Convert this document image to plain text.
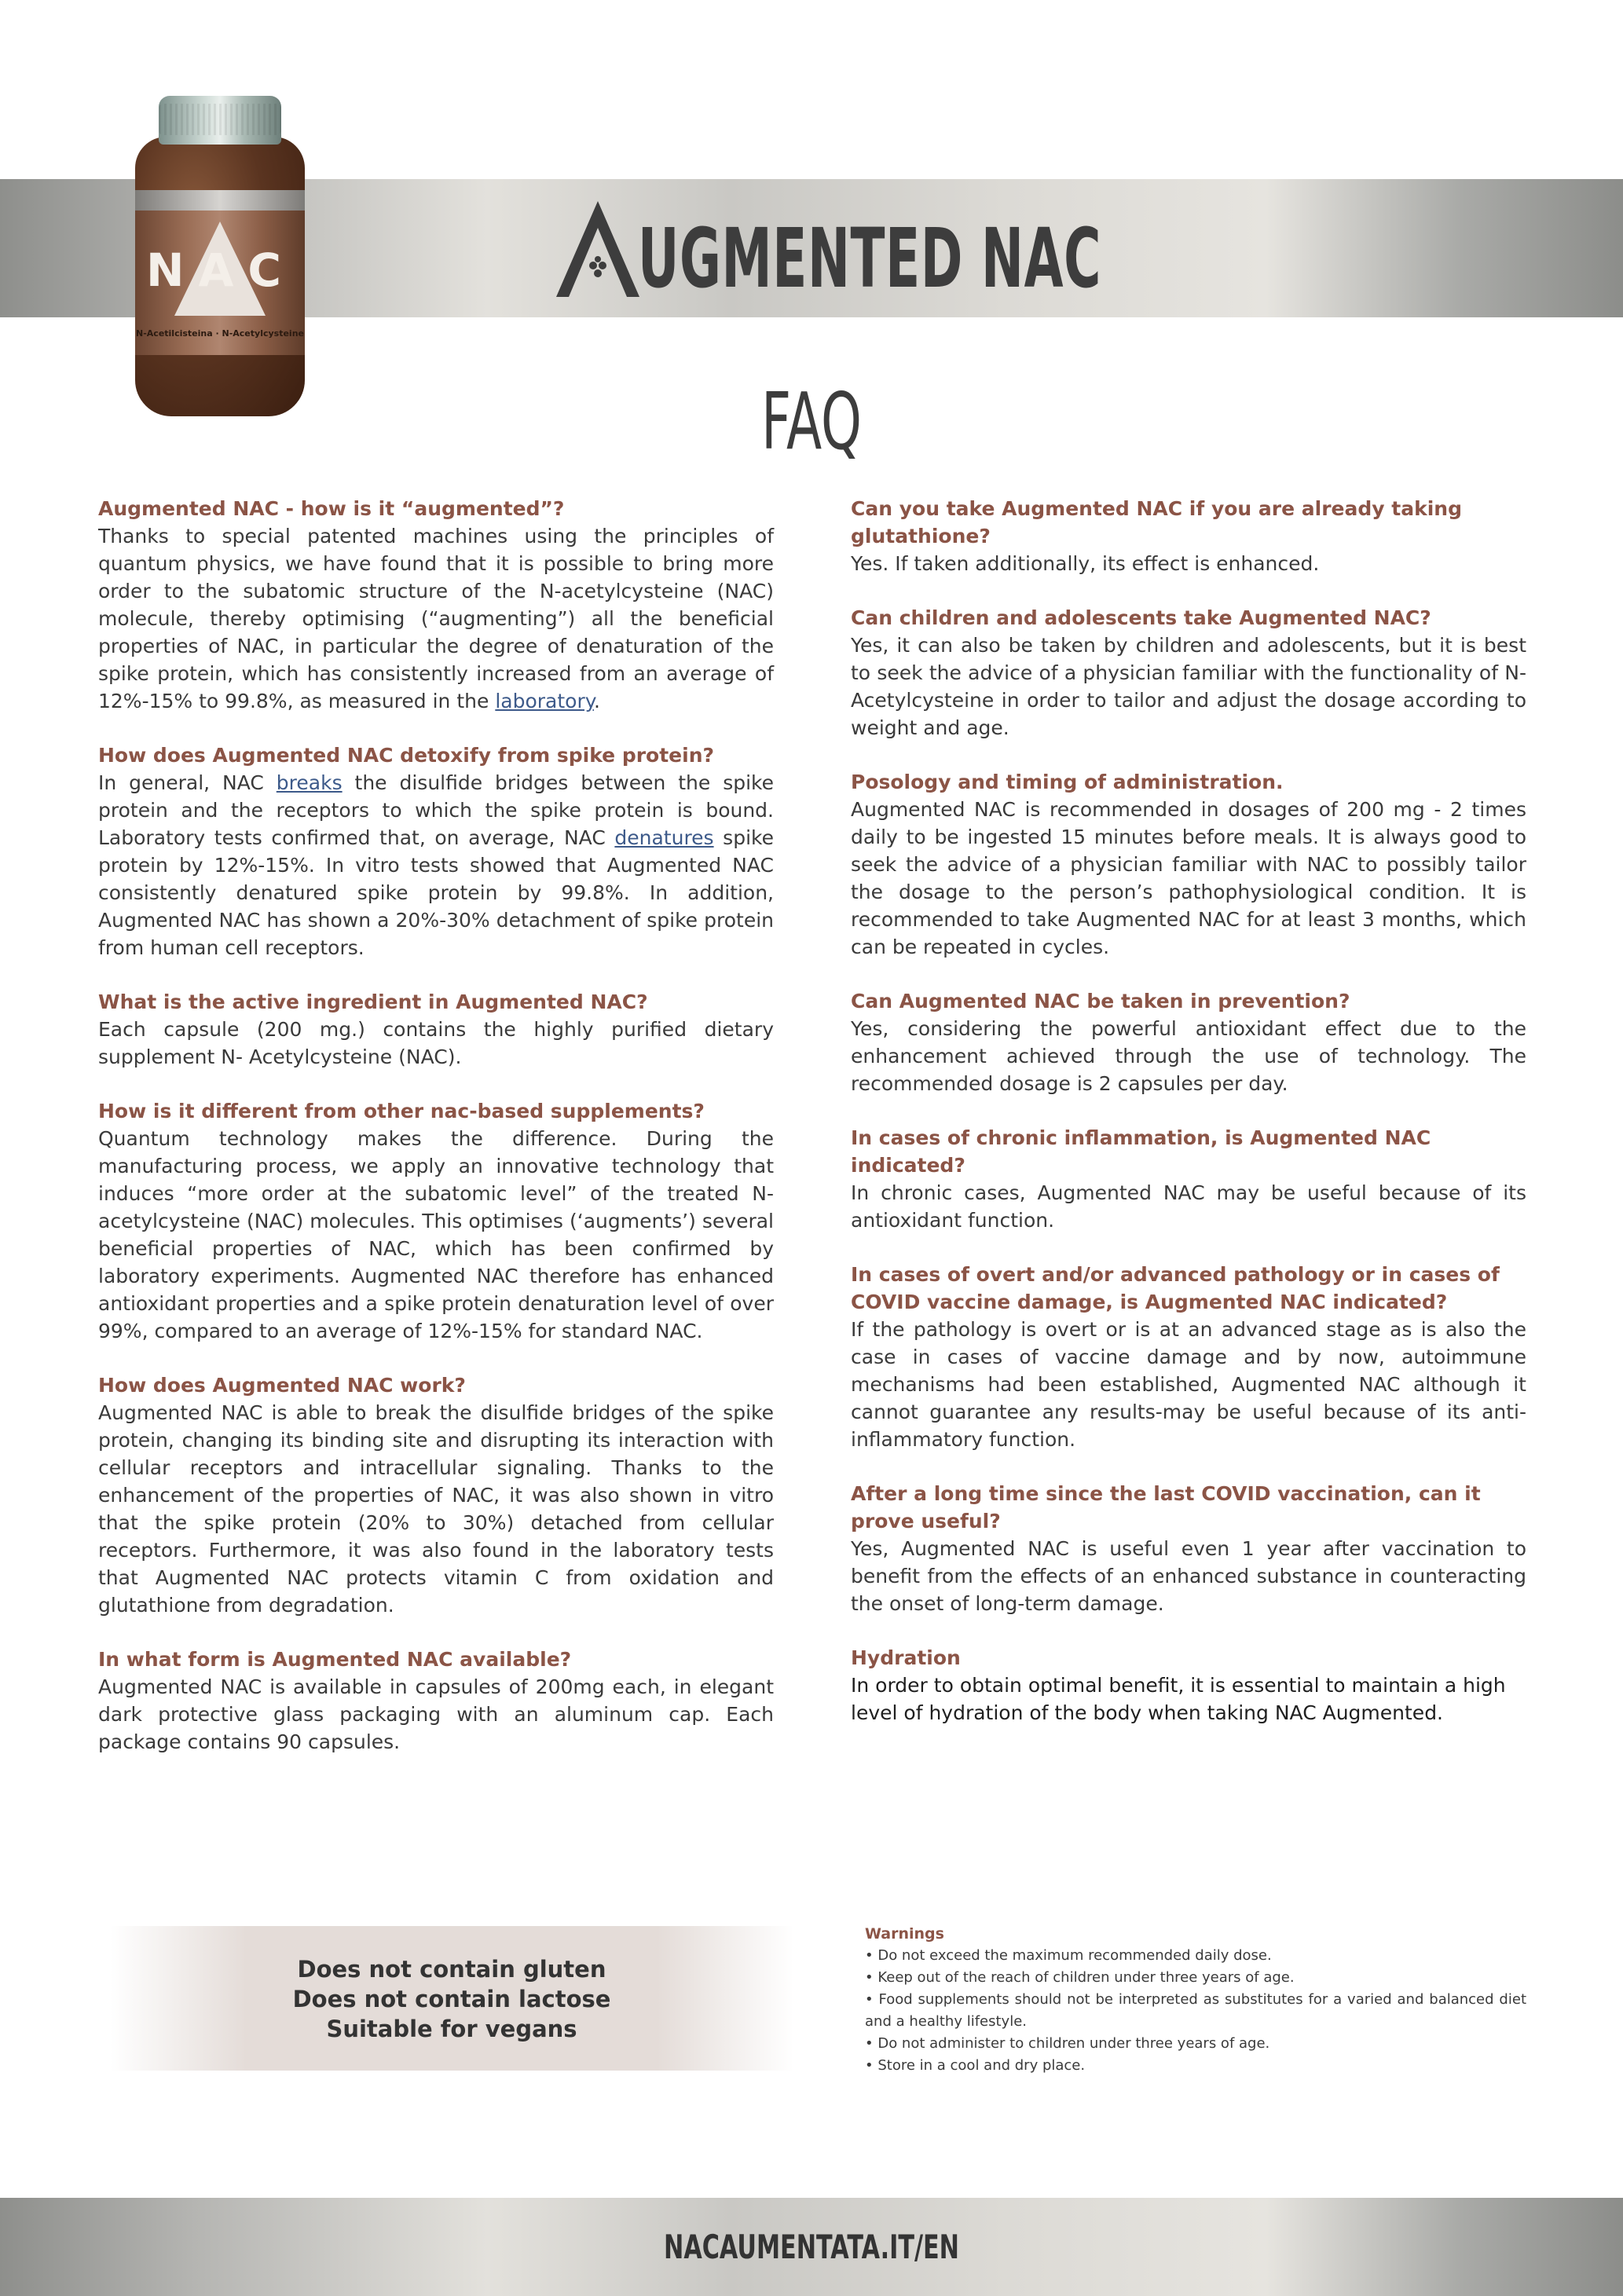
NAC
N-Acetilcisteina · N-Acetylcysteine
UGMENTED NAC
FAQ

Augmented NAC - how is it “augmented”?

Thanks to special patented machines using the principles of quantum physics, we have found that it is possible to bring more order to the subatomic structure of the N-acetylcysteine (NAC) molecule, thereby optimising (“augmenting”) all the beneficial properties of NAC, in particular the degree of denaturation of the spike protein, which has consistently increased from an average of 12%-15% to 99.8%, as measured in the laboratory.

How does Augmented NAC detoxify from spike protein?

In general, NAC breaks the disulfide bridges between the spike protein and the receptors to which the spike protein is bound. Laboratory tests confirmed that, on average, NAC denatures spike protein by 12%-15%. In vitro tests showed that Augmented NAC consistently denatured spike protein by 99.8%. In addition, Augmented NAC has shown a 20%-30% detachment of spike protein from human cell receptors.

What is the active ingredient in Augmented NAC?

Each capsule (200 mg.) contains the highly purified dietary supplement N- Acetylcysteine (NAC).

How is it different from other nac-based supplements?

Quantum technology makes the difference. During the manufacturing process, we apply an innovative technology that induces “more order at the subatomic level” of the treated N-acetylcysteine (NAC) molecules. This optimises (‘augments’) several beneficial properties of NAC, which has been confirmed by laboratory experiments. Augmented NAC therefore has enhanced antioxidant properties and a spike protein denaturation level of over 99%, compared to an average of 12%-15% for standard NAC.

How does Augmented NAC work?

Augmented NAC is able to break the disulfide bridges of the spike protein, changing its binding site and disrupting its interaction with cellular receptors and intracellular signaling. Thanks to the enhancement of the properties of NAC, it was also shown in vitro that the spike protein (20% to 30%) detached from cellular receptors. Furthermore, it was also found in the laboratory tests that Augmented NAC protects vitamin C from oxidation and glutathione from degradation.

In what form is Augmented NAC available?

Augmented NAC is available in capsules of 200mg each, in elegant dark protective glass packaging with an aluminum cap. Each package contains 90 capsules.

Can you take Augmented NAC if you are already taking glutathione?

Yes. If taken additionally, its effect is enhanced.

Can children and adolescents take Augmented NAC?

Yes, it can also be taken by children and adolescents, but it is best to seek the advice of a physician familiar with the functionality of N-Acetylcysteine in order to tailor and adjust the dosage according to weight and age.

Posology and timing of administration.

Augmented NAC is recommended in dosages of 200 mg - 2 times daily to be ingested 15 minutes before meals. It is always good to seek the advice of a physician familiar with NAC to possibly tailor the dosage to the person’s pathophysiological condition. It is recommended to take Augmented NAC for at least 3 months, which can be repeated in cycles.

Can Augmented NAC be taken in prevention?

Yes, considering the powerful antioxidant effect due to the enhancement achieved through the use of technology. The recommended dosage is 2 capsules per day.

In cases of chronic inflammation, is Augmented NAC indicated?

In chronic cases, Augmented NAC may be useful because of its antioxidant function.

In cases of overt and/or advanced pathology or in cases of COVID vaccine damage, is Augmented NAC indicated?

If the pathology is overt or is at an advanced stage as is also the case in cases of vaccine damage and by now, autoimmune mechanisms had been established, Augmented NAC although it cannot guarantee any results-may be useful because of its anti-inflammatory function.

After a long time since the last COVID vaccination, can it prove useful?

Yes, Augmented NAC is useful even 1 year after vaccination to benefit from the effects of an enhanced substance in counteracting the onset of long-term damage.

Hydration
In order to obtain optimal benefit, it is essential to maintain a high level of hydration of the body when taking NAC Augmented.
Does not contain gluten
Does not contain lactose
Suitable for vegans
Warnings
• Do not exceed the maximum recommended daily dose.
• Keep out of the reach of children under three years of age.
• Food supplements should not be interpreted as substitutes for a varied and balanced diet and a healthy lifestyle.
• Do not administer to children under three years of age.
• Store in a cool and dry place.
NACAUMENTATA.IT/EN
